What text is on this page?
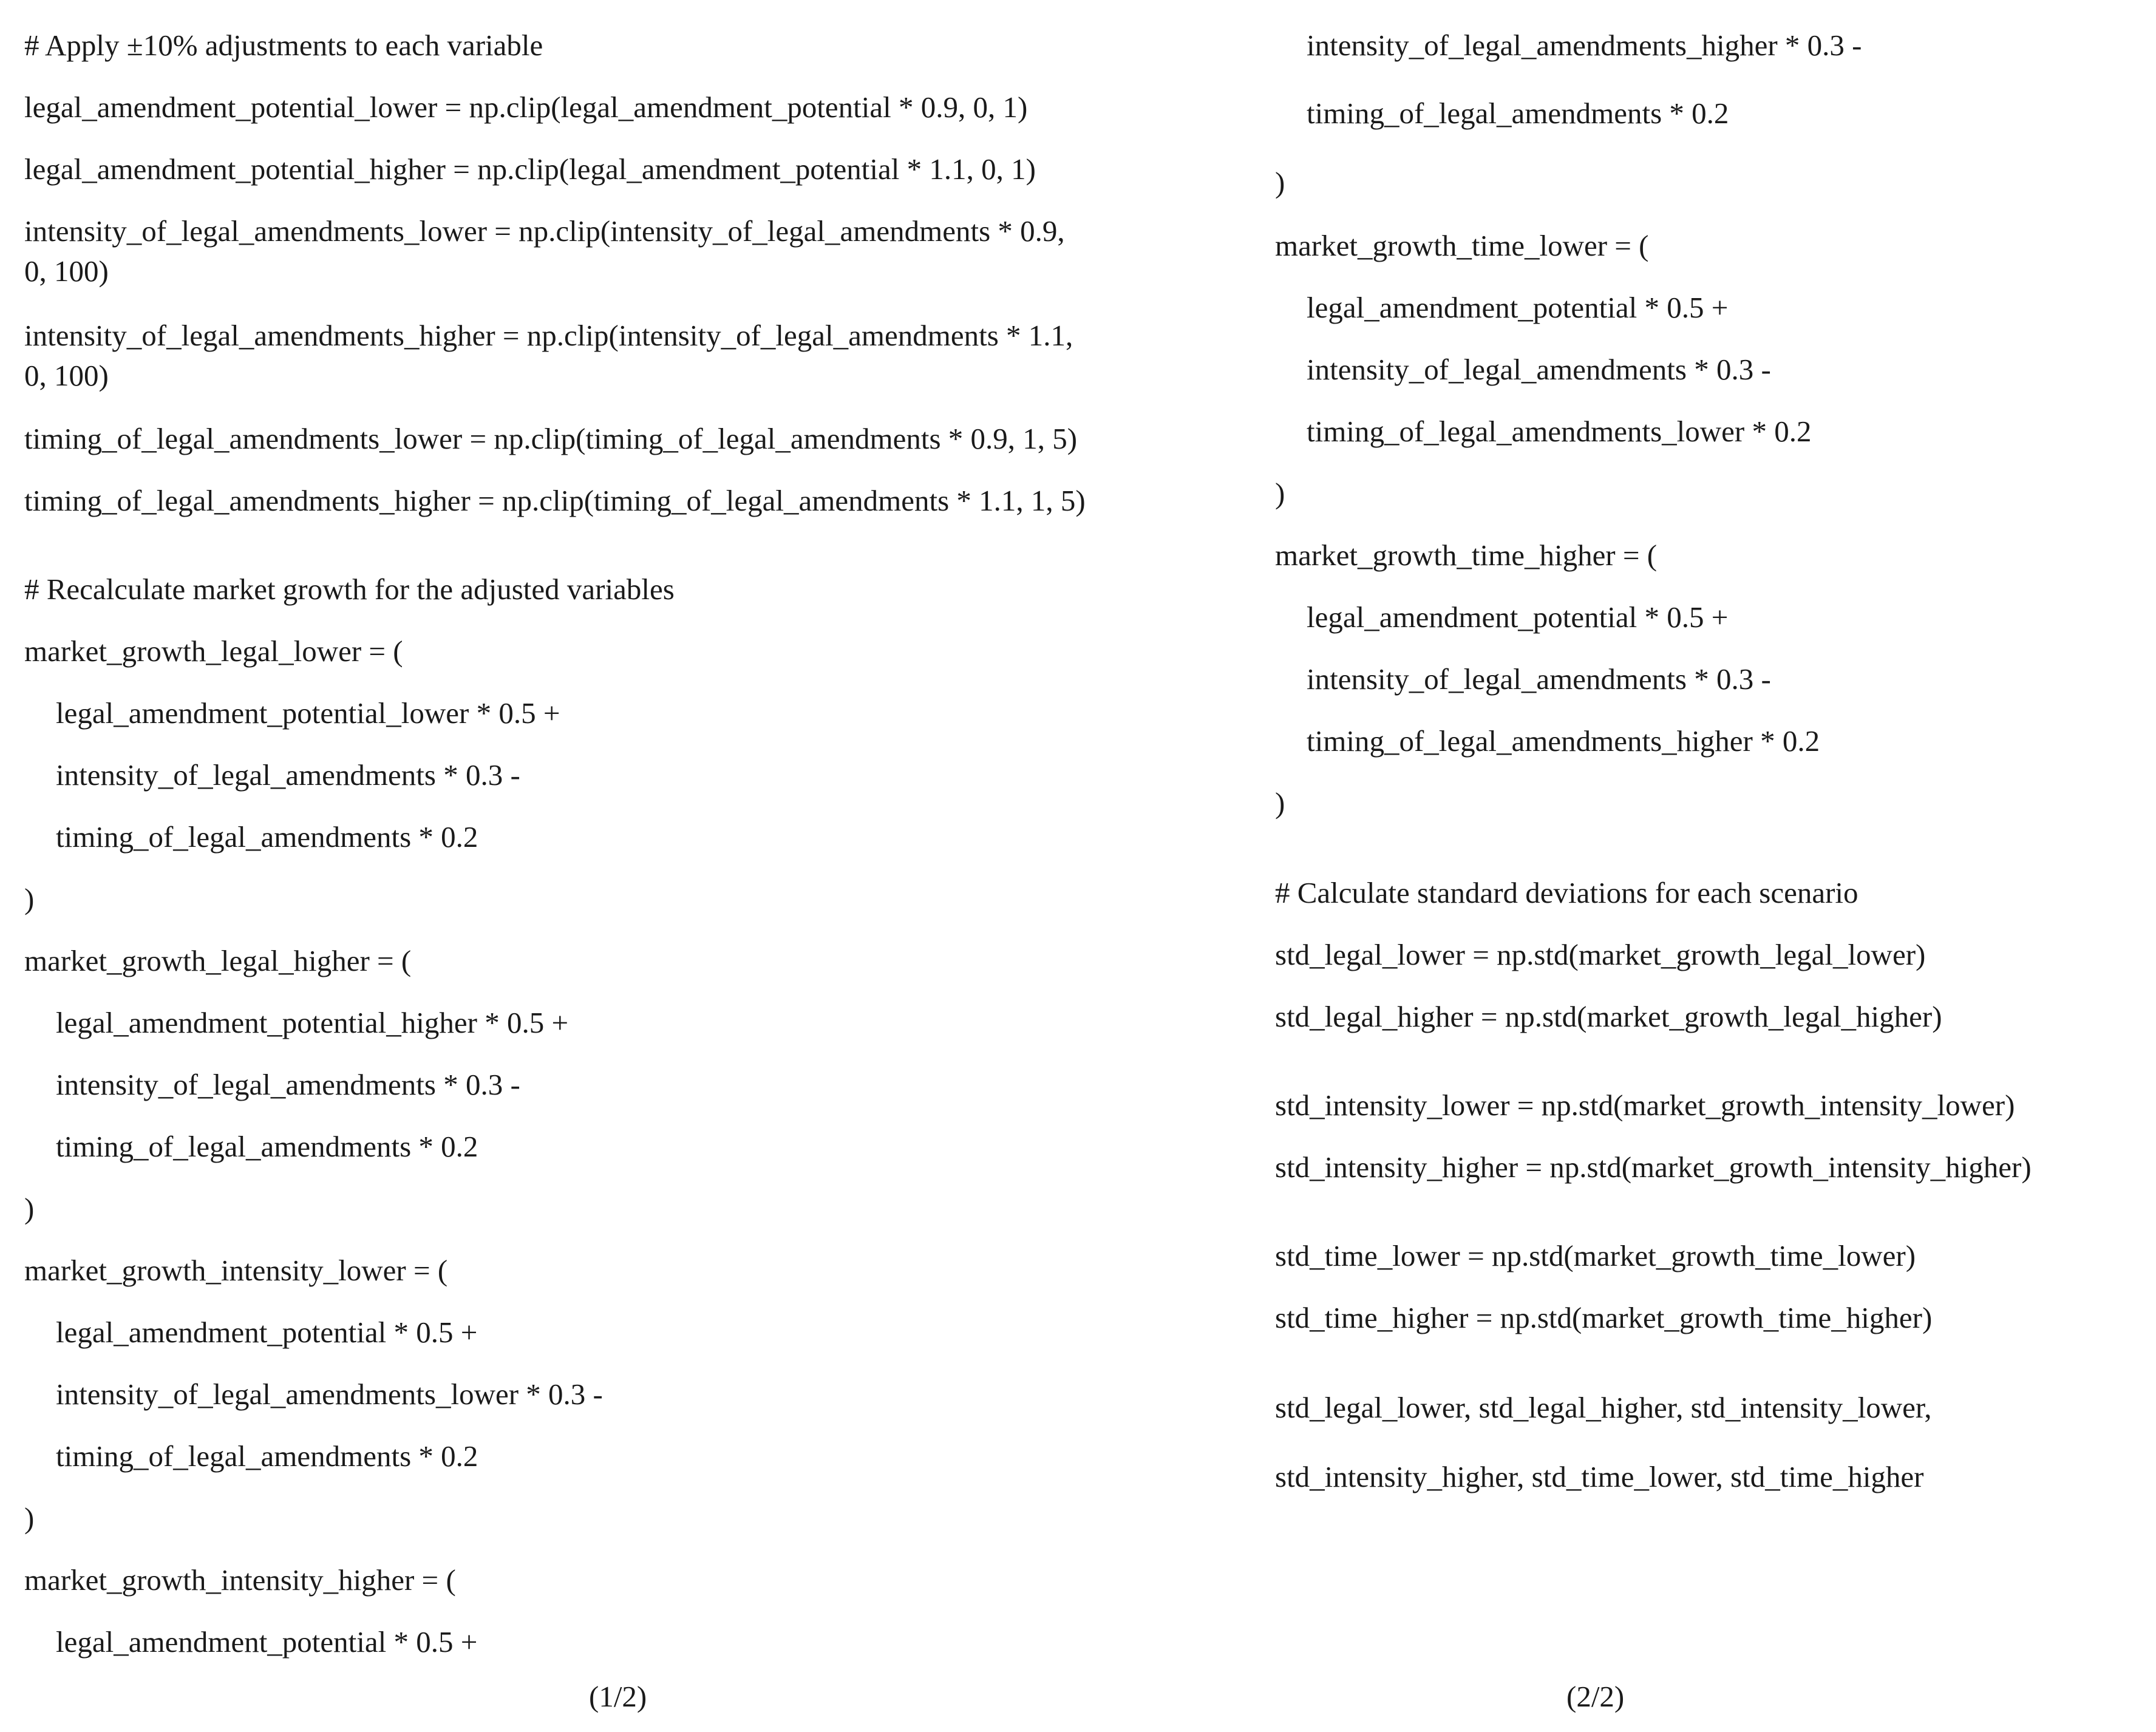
# Apply ±10% adjustments to each variable
legal_amendment_potential_lower = np.clip(legal_amendment_potential * 0.9, 0, 1)
legal_amendment_potential_higher = np.clip(legal_amendment_potential * 1.1, 0, 1)
intensity_of_legal_amendments_lower = np.clip(intensity_of_legal_amendments * 0.9,
0, 100)
intensity_of_legal_amendments_higher = np.clip(intensity_of_legal_amendments * 1.1,
0, 100)
timing_of_legal_amendments_lower = np.clip(timing_of_legal_amendments * 0.9, 1, 5)
timing_of_legal_amendments_higher = np.clip(timing_of_legal_amendments * 1.1, 1, 5)
# Recalculate market growth for the adjusted variables
market_growth_legal_lower = (
legal_amendment_potential_lower * 0.5 +
intensity_of_legal_amendments * 0.3 -
timing_of_legal_amendments * 0.2
)
market_growth_legal_higher = (
legal_amendment_potential_higher * 0.5 +
intensity_of_legal_amendments * 0.3 -
timing_of_legal_amendments * 0.2
)
market_growth_intensity_lower = (
legal_amendment_potential * 0.5 +
intensity_of_legal_amendments_lower * 0.3 -
timing_of_legal_amendments * 0.2
)
market_growth_intensity_higher = (
legal_amendment_potential * 0.5 +
(1/2)
intensity_of_legal_amendments_higher * 0.3 -
timing_of_legal_amendments * 0.2
)
market_growth_time_lower = (
legal_amendment_potential * 0.5 +
intensity_of_legal_amendments * 0.3 -
timing_of_legal_amendments_lower * 0.2
)
market_growth_time_higher = (
legal_amendment_potential * 0.5 +
intensity_of_legal_amendments * 0.3 -
timing_of_legal_amendments_higher * 0.2
)
# Calculate standard deviations for each scenario
std_legal_lower = np.std(market_growth_legal_lower)
std_legal_higher = np.std(market_growth_legal_higher)
std_intensity_lower = np.std(market_growth_intensity_lower)
std_intensity_higher = np.std(market_growth_intensity_higher)
std_time_lower = np.std(market_growth_time_lower)
std_time_higher = np.std(market_growth_time_higher)
std_legal_lower, std_legal_higher, std_intensity_lower,
std_intensity_higher, std_time_lower, std_time_higher
(2/2)
